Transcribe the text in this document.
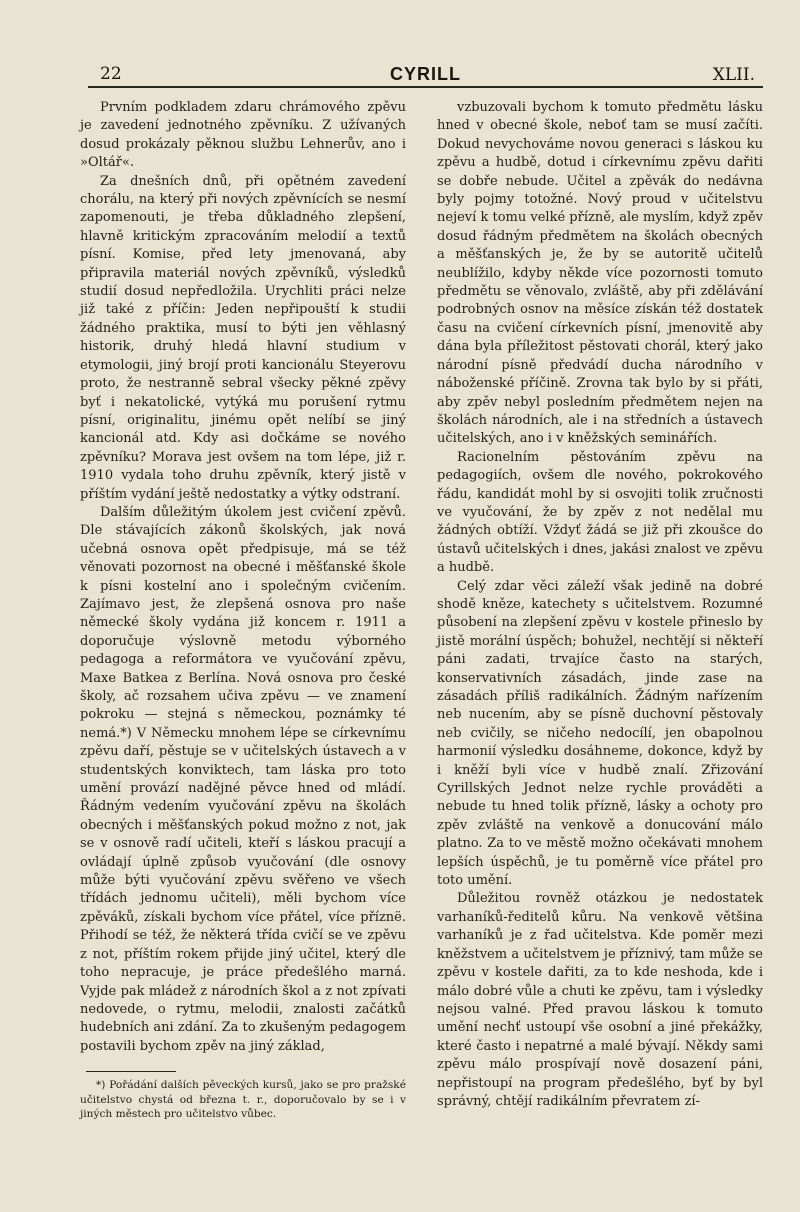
22	CYRILL	XLII.

Prvním podkladem zdaru chrámového zpěvu je zavedení jednotného zpěvníku. Z užívaných dosud prokázaly pěknou službu Lehnerův, ano i »Oltář«.

Za dnešních dnů, při opětném zavedení chorálu, na který při nových zpěvnících se nesmí zapomenouti, je třeba důkladného zlepšení, hlavně kritickým zpracováním melodií a textů písní. Komise, před lety jmenovaná, aby připravila materiál nových zpěvníků, výsledků studií dosud nepředložila. Urychliti práci nelze již také z příčin: Jeden nepřipouští k studii žádného praktika, musí to býti jen věhlasný historik, druhý hledá hlavní studium v etymologii, jiný brojí proti kancionálu Steyerovu proto, že nestranně sebral všecky pěkné zpěvy byť i nekatolické, vytýká mu porušení rytmu písní, originalitu, jinému opět nelíbí se jiný kancionál atd. Kdy asi dočkáme se nového zpěvníku? Morava jest ovšem na tom lépe, již r. 1910 vydala toho druhu zpěvník, který jistě v příštím vydání ještě nedostatky a výtky odstraní.

Dalším důležitým úkolem jest cvičení zpěvů. Dle stávajících zákonů školských, jak nová učebná osnova opět předpisuje, má se též věnovati pozornost na obecné i měšťanské škole k písni kostelní ano i společným cvičením. Zajímavo jest, že zlepšená osnova pro naše německé školy vydána již koncem r. 1911 a doporučuje výslovně metodu výborného pedagoga a reformátora ve vyučování zpěvu, Maxe Batkea z Berlína. Nová osnova pro české školy, ač rozsahem učiva zpěvu — ve znamení pokroku — stejná s německou, poznámky té nemá.*) V Německu mnohem lépe se církevnímu zpěvu daří, pěstuje se v učitelských ústavech a v studentských konviktech, tam láska pro toto umění provází nadějné pěvce hned od mládí. Řádným vedením vyučování zpěvu na školách obecných i měšťanských pokud možno z not, jak se v osnově radí učiteli, kteří s láskou pracují a ovládají úplně způsob vyučování (dle osnovy může býti vyučování zpěvu svěřeno ve všech třídách jednomu učiteli), měli bychom více zpěváků, získali bychom více přátel, více příznë. Přihodí se též, že některá třída cvičí se ve zpěvu z not, příštím rokem přijde jiný učitel, který dle toho nepracuje, je práce předešlého marná. Vyjde pak mládež z národních škol a z not zpívati nedovede, o rytmu, melodii, znalosti začátků hudebních ani zdání. Za to zkušeným pedagogem postavili bychom zpěv na jiný základ,

vzbuzovali bychom k tomuto předmětu lásku hned v obecné škole, neboť tam se musí začíti. Dokud nevychováme novou generaci s láskou ku zpěvu a hudbě, dotud i církevnímu zpěvu dařiti se dobře nebude. Učitel a zpěvák do nedávna byly pojmy totožné. Nový proud v učitelstvu nejeví k tomu velké přízně, ale myslím, když zpěv dosud řádným předmětem na školách obecných a měšťanských je, že by se autoritě učitelů neublížilo, kdyby někde více pozornosti tomuto předmětu se věnovalo, zvláště, aby při zdělávání podrobných osnov na měsíce získán též dostatek času na cvičení církevních písní, jmenovitě aby dána byla příležitost pěstovati chorál, který jako národní písně předvádí ducha národního v náboženské příčině. Zrovna tak bylo by si přáti, aby zpěv nebyl posledním předmětem nejen na školách národních, ale i na středních a ústavech učitelských, ano i v kněžských seminářích.

Racionelním pěstováním zpěvu na pedagogiích, ovšem dle nového, pokrokového řádu, kandidát mohl by si osvojiti tolik zručnosti ve vyučování, že by zpěv z not nedělal mu žádných obtíží. Vždyť žádá se již při zkoušce do ústavů učitelských i dnes, jakási znalost ve zpěvu a hudbě.

Celý zdar věci záleží však jedině na dobré shodě kněze, katechety s učitelstvem. Rozumné působení na zlepšení zpěvu v kostele přineslo by jistě morální úspěch; bohužel, nechtějí si někteří páni zadati, trvajíce často na starých, konservativních zásadách, jinde zase na zásadách příliš radikálních. Žádným nařízením neb nucením, aby se písně duchovní pěstovaly neb cvičily, se ničeho nedocílí, jen obapolnou harmonií výsledku dosáhneme, dokonce, když by i kněží byli více v hudbě znalí. Zřizování Cyrillských Jednot nelze rychle prováděti a nebude tu hned tolik přízně, lásky a ochoty pro zpěv zvláště na venkově a donucování málo platno. Za to ve městě možno očekávati mnohem lepších úspěchů, je tu poměrně více přátel pro toto umění.

Důležitou rovněž otázkou je nedostatek varhaníků-ředitelů kůru. Na venkově většina varhaníků je z řad učitelstva. Kde poměr mezi kněžstvem a učitelstvem je příznivý, tam může se zpěvu v kostele dařiti, za to kde neshoda, kde i málo dobré vůle a chuti ke zpěvu, tam i výsledky nejsou valné. Před pravou láskou k tomuto umění nechť ustoupí vše osobní a jiné překážky, které často i nepatrné a malé bývají. Někdy sami zpěvu málo prospívají nově dosazení páni, nepřistoupí na program předešlého, byť by byl správný, chtějí radikálním převratem zí-

*) Pořádání dalších pěveckých kursů, jako se pro pražské učitelstvo chystá od března t. r., doporučovalo by se i v jiných městech pro učitelstvo vůbec.
